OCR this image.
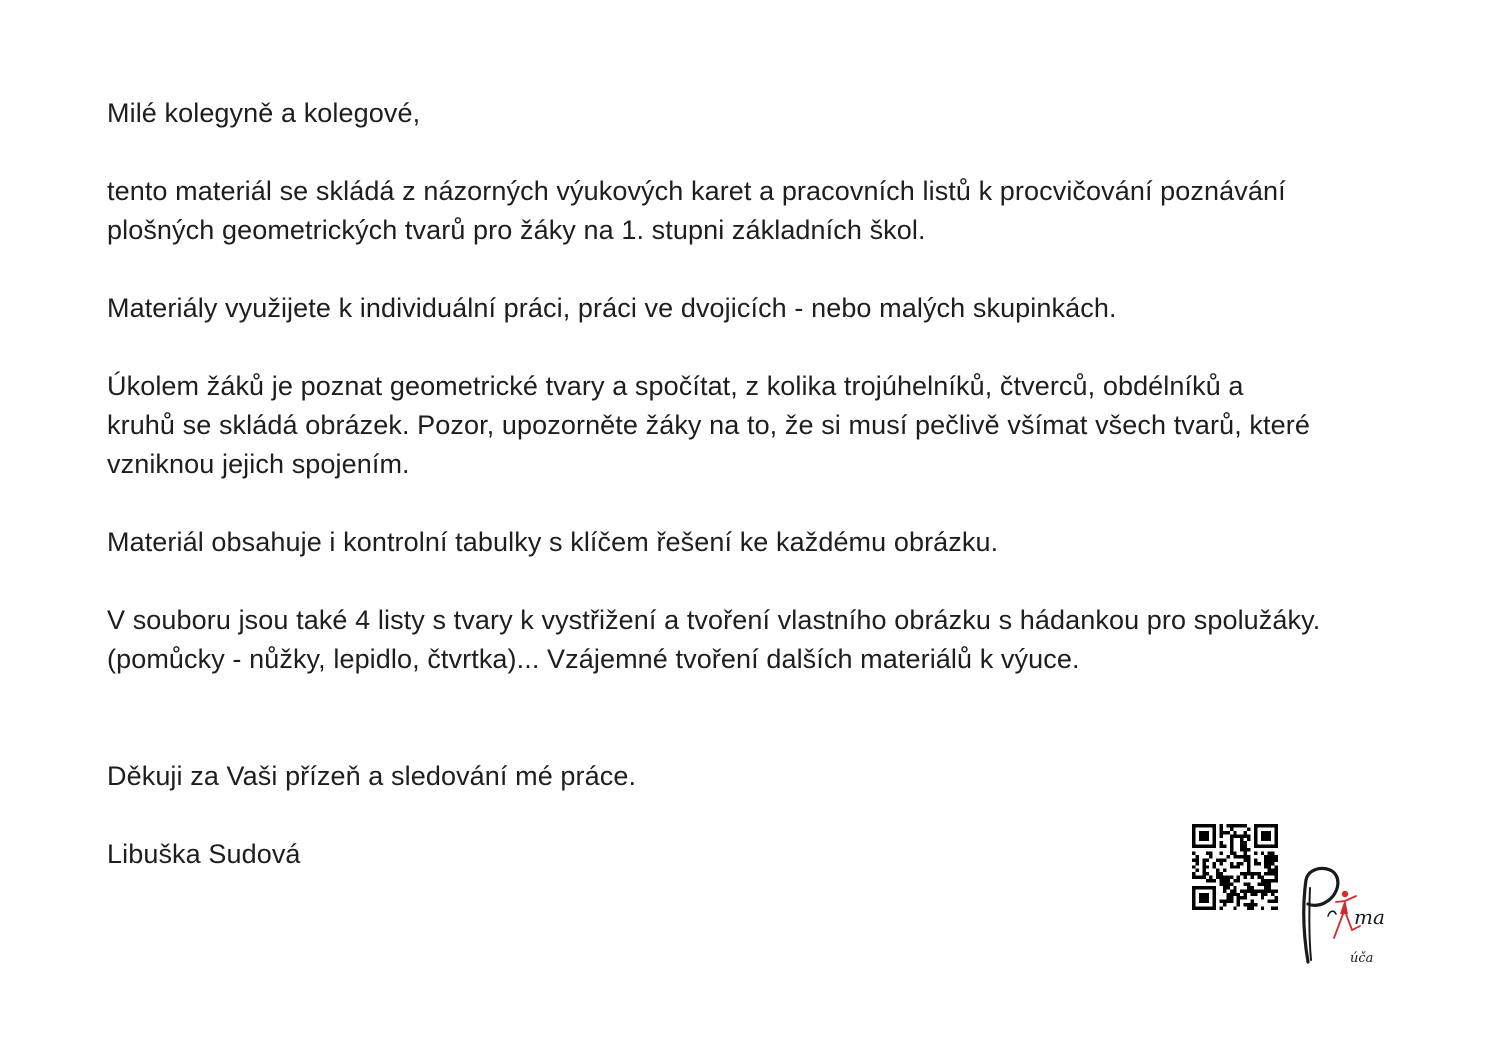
Milé kolegyně a kolegové,

tento materiál se skládá z názorných výukových karet a pracovních listů k procvičování poznávání
plošných geometrických tvarů pro žáky na 1. stupni základních škol.

Materiály využijete k individuální práci, práci ve dvojicích - nebo malých skupinkách.

Úkolem žáků je poznat geometrické tvary a spočítat, z kolika trojúhelníků, čtverců, obdélníků a
kruhů se skládá obrázek. Pozor, upozorněte žáky na to, že si musí pečlivě všímat všech tvarů, které
vzniknou jejich spojením.

Materiál obsahuje i kontrolní tabulky s klíčem řešení ke každému obrázku.

V souboru jsou také 4 listy s tvary k vystřižení a tvoření vlastního obrázku s hádankou pro spolužáky.
(pomůcky - nůžky, lepidlo, čtvrtka)... Vzájemné tvoření dalších materiálů k výuce.

Děkuji za Vaši přízeň a sledování mé práce.

Libuška Sudová

ma
úča
